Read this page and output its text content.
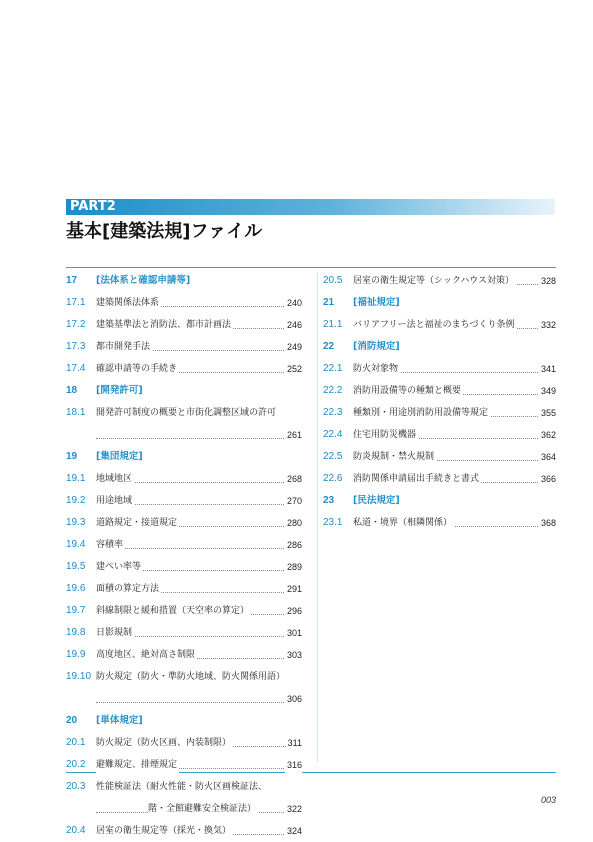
PART2
基本[建築法規]ファイル
17 [法体系と確認申請等]
17.1 建築関係法体系	240
17.2 建築基準法と消防法、都市計画法	246
17.3 都市開発手法	249
17.4 確認申請等の手続き	252
18 [開発許可]
18.1 開発許可制度の概要と市街化調整区域の許可
261
19 [集団規定]
19.1 地域地区	268
19.2 用途地域	270
19.3 道路規定・接道規定	280
19.4 容積率	286
19.5 建ぺい率等	289
19.6 面積の算定方法	291
19.7 斜線制限と緩和措置（天空率の算定）	296
19.8 日影規制	301
19.9 高度地区、絶対高さ制限	303
19.10 防火規定（防火・準防火地域、防火関係用語）
306
20 [単体規定]
20.1 防火規定（防火区画、内装制限）	311
20.2 避難規定、排煙規定	316
20.3 性能検証法（耐火性能・防火区画検証法、
階・全館避難安全検証法）	322
20.4 居室の衛生規定等（採光・換気）	324
20.5 居室の衛生規定等（シックハウス対策）	328
21 [福祉規定]
21.1 バリアフリー法と福祉のまちづくり条例	332
22 [消防規定]
22.1 防火対象物	341
22.2 消防用設備等の種類と概要	349
22.3 種類別・用途別消防用設備等規定	355
22.4 住宅用防災機器	362
22.5 防炎規制・禁火規制	364
22.6 消防関係申請届出手続きと書式	366
23 [民法規定]
23.1 私道・境界（相隣関係）	368
003
